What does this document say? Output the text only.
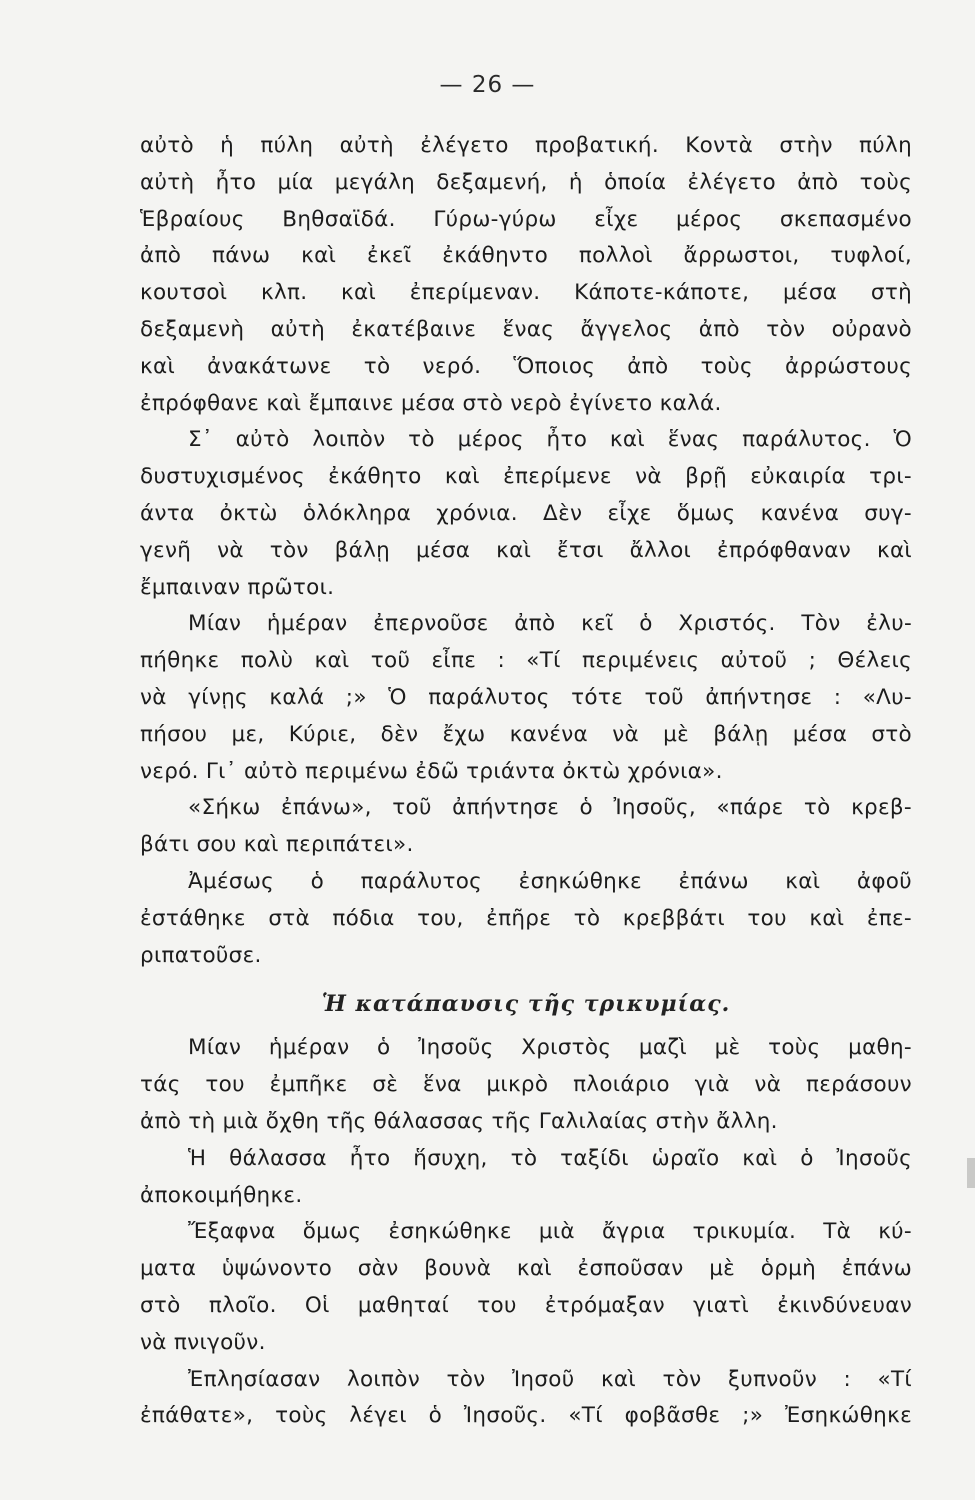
— 26 —
αὐτὸ ἡ πύλη αὐτὴ ἐλέγετο προβατική. Κοντὰ στὴν πύλη
αὐτὴ ἦτο μία μεγάλη δεξαμενή, ἡ ὁποία ἐλέγετο ἀπὸ τοὺς
Ἑβραίους Βηθσαϊδά. Γύρω-γύρω εἶχε μέρος σκεπασμένο
ἀπὸ πάνω καὶ ἐκεῖ ἐκάθηντο πολλοὶ ἄρρωστοι, τυφλοί,
κουτσοὶ κλπ. καὶ ἐπερίμεναν. Κάποτε-κάποτε, μέσα στὴ
δεξαμενὴ αὐτὴ ἐκατέβαινε ἕνας ἄγγελος ἀπὸ τὸν οὐρανὸ
καὶ ἀνακάτωνε τὸ νερό. Ὅποιος ἀπὸ τοὺς ἀρρώστους
ἐπρόφθανε καὶ ἔμπαινε μέσα στὸ νερὸ ἐγίνετο καλά.
Σ᾿ αὐτὸ λοιπὸν τὸ μέρος ἦτο καὶ ἕνας παράλυτος. Ὁ
δυστυχισμένος ἐκάθητο καὶ ἐπερίμενε νὰ βρῇ εὐκαιρία τρι-
άντα ὀκτὼ ὁλόκληρα χρόνια. Δὲν εἶχε ὅμως κανένα συγ-
γενῆ νὰ τὸν βάλῃ μέσα καὶ ἔτσι ἄλλοι ἐπρόφθαναν καὶ
ἔμπαιναν πρῶτοι.
Μίαν ἡμέραν ἐπερνοῦσε ἀπὸ κεῖ ὁ Χριστός. Τὸν ἐλυ-
πήθηκε πολὺ καὶ τοῦ εἶπε : «Τί περιμένεις αὐτοῦ ; Θέλεις
νὰ γίνῃς καλά ;» Ὁ παράλυτος τότε τοῦ ἀπήντησε : «Λυ-
πήσου με, Κύριε, δὲν ἔχω κανένα νὰ μὲ βάλῃ μέσα στὸ
νερό. Γι᾿ αὐτὸ περιμένω ἐδῶ τριάντα ὀκτὼ χρόνια».
«Σήκω ἐπάνω», τοῦ ἀπήντησε ὁ Ἰησοῦς, «πάρε τὸ κρεβ-
βάτι σου καὶ περιπάτει».
Ἀμέσως ὁ παράλυτος ἐσηκώθηκε ἐπάνω καὶ ἀφοῦ
ἐστάθηκε στὰ πόδια του, ἐπῆρε τὸ κρεββάτι του καὶ ἐπε-
ριπατοῦσε.
Ἡ κατάπαυσις τῆς τρικυμίας.
Μίαν ἡμέραν ὁ Ἰησοῦς Χριστὸς μαζὶ μὲ τοὺς μαθη-
τάς του ἐμπῆκε σὲ ἕνα μικρὸ πλοιάριο γιὰ νὰ περάσουν
ἀπὸ τὴ μιὰ ὄχθη τῆς θάλασσας τῆς Γαλιλαίας στὴν ἄλλη.
Ἡ θάλασσα ἦτο ἥσυχη, τὸ ταξίδι ὡραῖο καὶ ὁ Ἰησοῦς
ἀποκοιμήθηκε.
Ἔξαφνα ὅμως ἐσηκώθηκε μιὰ ἄγρια τρικυμία. Τὰ κύ-
ματα ὑψώνοντο σὰν βουνὰ καὶ ἐσποῦσαν μὲ ὁρμὴ ἐπάνω
στὸ πλοῖο. Οἱ μαθηταί του ἐτρόμαξαν γιατὶ ἐκινδύνευαν
νὰ πνιγοῦν.
Ἐπλησίασαν λοιπὸν τὸν Ἰησοῦ καὶ τὸν ξυπνοῦν : «Τί
ἐπάθατε», τοὺς λέγει ὁ Ἰησοῦς. «Τί φοβᾶσθε ;» Ἐσηκώθηκε
